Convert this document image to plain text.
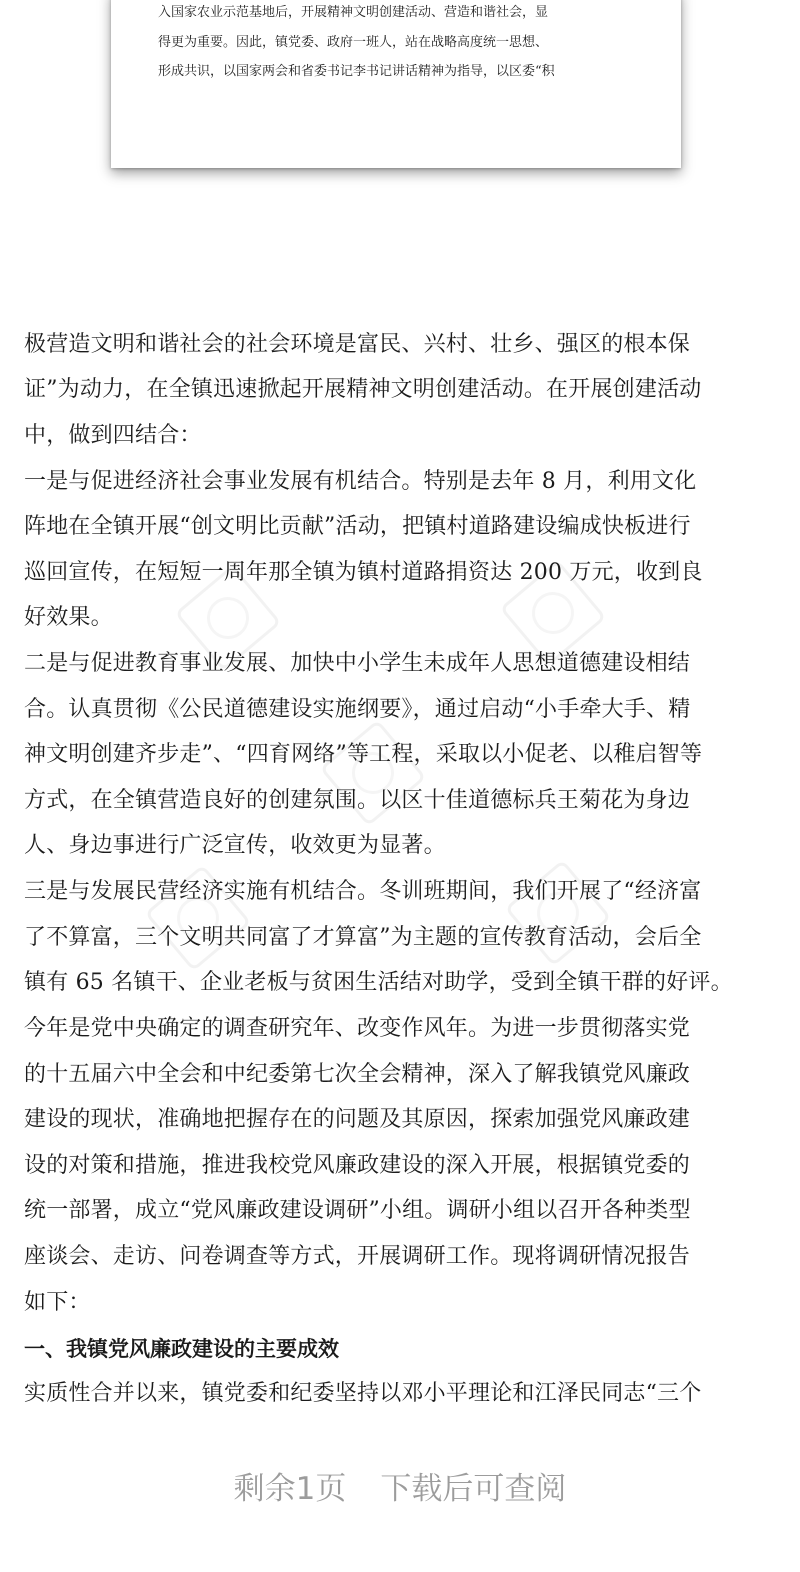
入国家农业示范基地后，开展精神文明创建活动、营造和谐社会，显
得更为重要。因此，镇党委、政府一班人，站在战略高度统一思想、
形成共识，以国家两会和省委书记李书记讲话精神为指导，以区委“积
极营造文明和谐社会的社会环境是富民、兴村、壮乡、强区的根本保
证”为动力，在全镇迅速掀起开展精神文明创建活动。在开展创建活动
中，做到四结合：
一是与促进经济社会事业发展有机结合。特别是去年 8 月，利用文化
阵地在全镇开展“创文明比贡献”活动，把镇村道路建设编成快板进行
巡回宣传，在短短一周年那全镇为镇村道路捐资达 200 万元，收到良
好效果。
二是与促进教育事业发展、加快中小学生未成年人思想道德建设相结
合。认真贯彻《公民道德建设实施纲要》，通过启动“小手牵大手、精
神文明创建齐步走”、“四育网络”等工程，采取以小促老、以稚启智等
方式，在全镇营造良好的创建氛围。以区十佳道德标兵王菊花为身边
人、身边事进行广泛宣传，收效更为显著。
三是与发展民营经济实施有机结合。冬训班期间，我们开展了“经济富
了不算富，三个文明共同富了才算富”为主题的宣传教育活动，会后全
镇有 65 名镇干、企业老板与贫困生活结对助学，受到全镇干群的好评。
今年是党中央确定的调查研究年、改变作风年。为进一步贯彻落实党
的十五届六中全会和中纪委第七次全会精神，深入了解我镇党风廉政
建设的现状，准确地把握存在的问题及其原因，探索加强党风廉政建
设的对策和措施，推进我校党风廉政建设的深入开展，根据镇党委的
统一部署，成立“党风廉政建设调研”小组。调研小组以召开各种类型
座谈会、走访、问卷调查等方式，开展调研工作。现将调研情况报告
如下：
一、我镇党风廉政建设的主要成效
实质性合并以来，镇党委和纪委坚持以邓小平理论和江泽民同志“三个
剩余1页 下载后可查阅
